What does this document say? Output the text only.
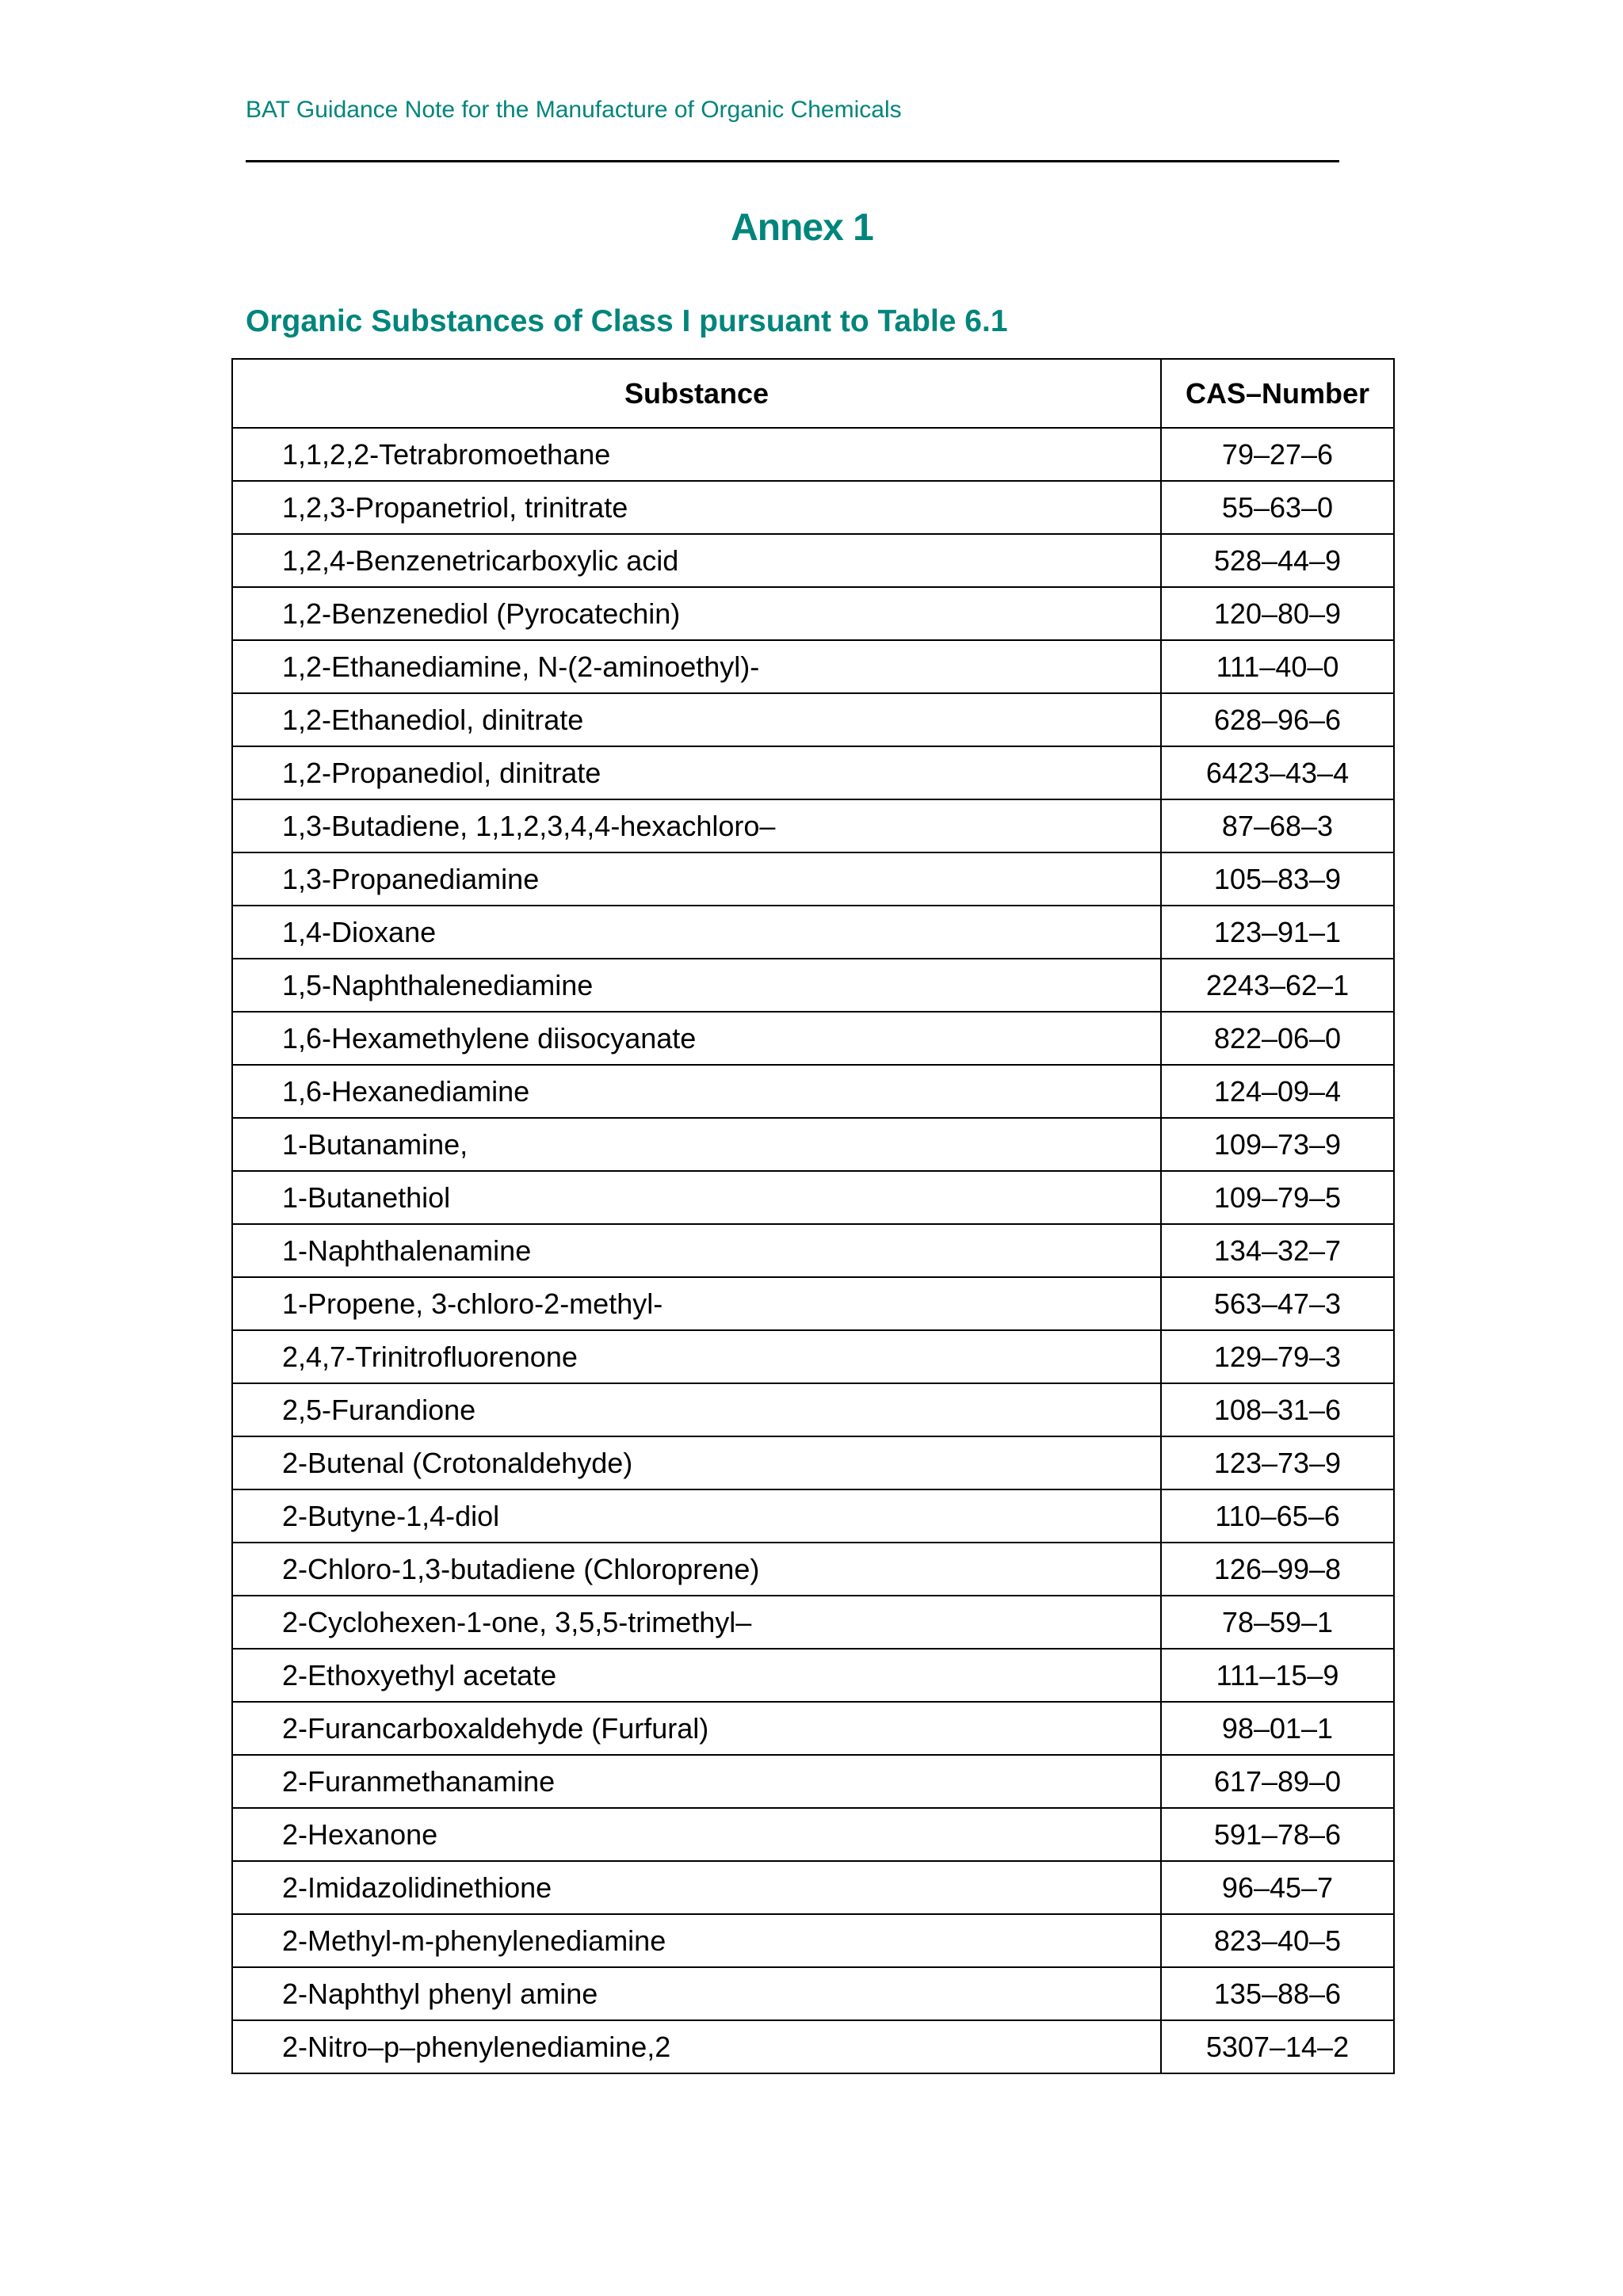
BAT Guidance Note for the Manufacture of Organic Chemicals
Annex 1
Organic Substances of Class I pursuant to Table 6.1
Substance	CAS–Number
1,1,2,2-Tetrabromoethane	79–27–6
1,2,3-Propanetriol, trinitrate	55–63–0
1,2,4-Benzenetricarboxylic acid	528–44–9
1,2-Benzenediol (Pyrocatechin)	120–80–9
1,2-Ethanediamine, N-(2-aminoethyl)-	111–40–0
1,2-Ethanediol, dinitrate	628–96–6
1,2-Propanediol, dinitrate	6423–43–4
1,3-Butadiene, 1,1,2,3,4,4-hexachloro–	87–68–3
1,3-Propanediamine	105–83–9
1,4-Dioxane	123–91–1
1,5-Naphthalenediamine	2243–62–1
1,6-Hexamethylene diisocyanate	822–06–0
1,6-Hexanediamine	124–09–4
1-Butanamine,	109–73–9
1-Butanethiol	109–79–5
1-Naphthalenamine	134–32–7
1-Propene, 3-chloro-2-methyl-	563–47–3
2,4,7-Trinitrofluorenone	129–79–3
2,5-Furandione	108–31–6
2-Butenal (Crotonaldehyde)	123–73–9
2-Butyne-1,4-diol	110–65–6
2-Chloro-1,3-butadiene (Chloroprene)	126–99–8
2-Cyclohexen-1-one, 3,5,5-trimethyl–	78–59–1
2-Ethoxyethyl acetate	111–15–9
2-Furancarboxaldehyde (Furfural)	98–01–1
2-Furanmethanamine	617–89–0
2-Hexanone	591–78–6
2-Imidazolidinethione	96–45–7
2-Methyl-m-phenylenediamine	823–40–5
2-Naphthyl phenyl amine	135–88–6
2-Nitro–p–phenylenediamine,2	5307–14–2
